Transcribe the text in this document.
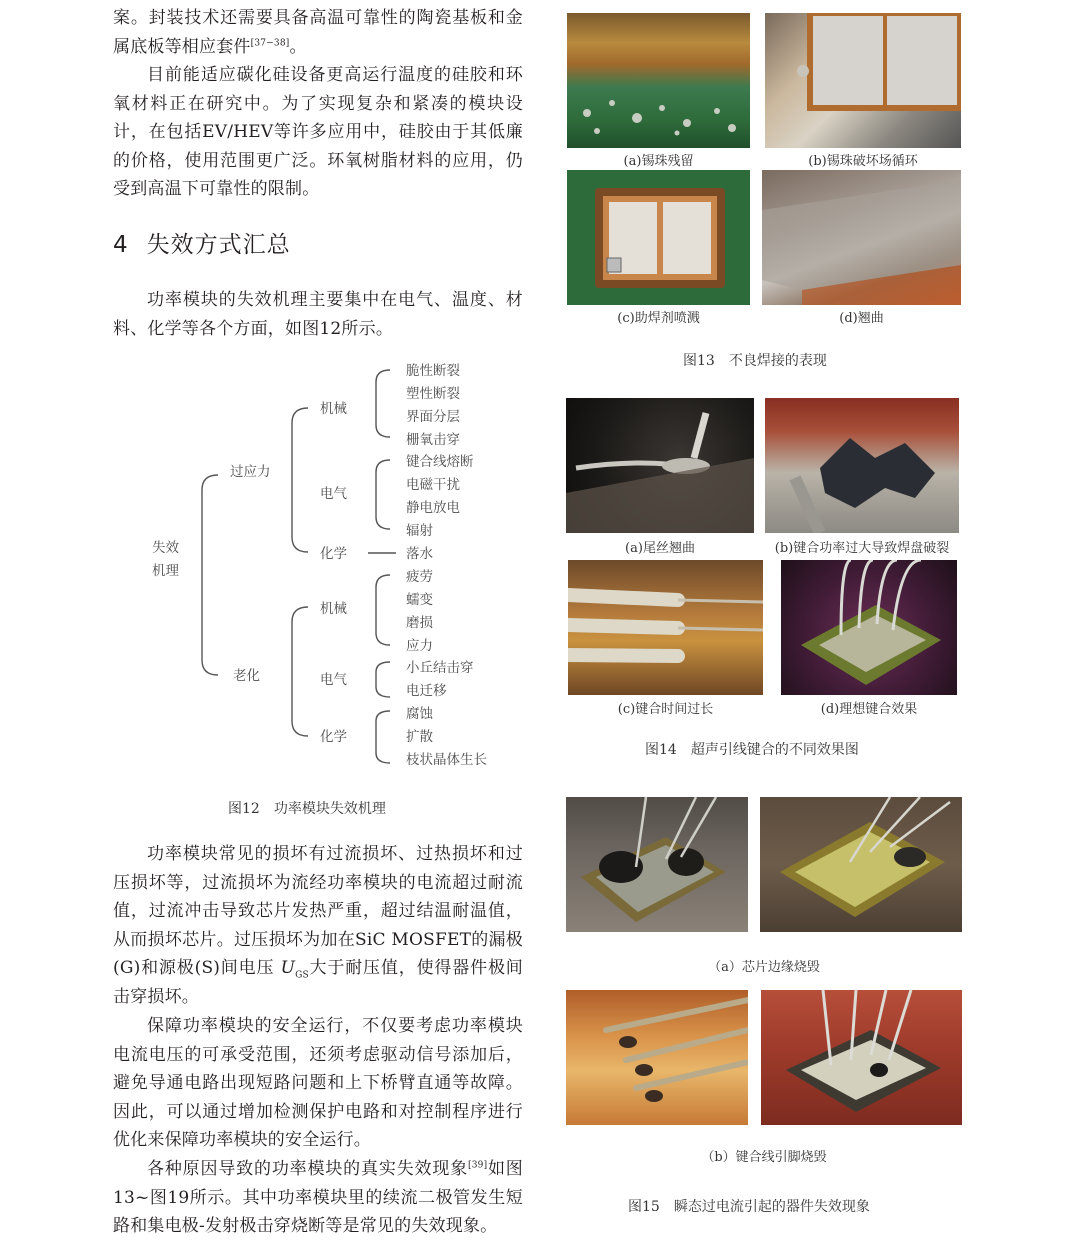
案。封装技术还需要具备高温可靠性的陶瓷基板和金属底板等相应套件[37−38]。

目前能适应碳化硅设备更高运行温度的硅胶和环氧材料正在研究中。为了实现复杂和紧凑的模块设计，在包括EV/HEV等许多应用中，硅胶由于其低廉的价格，使用范围更广泛。环氧树脂材料的应用，仍受到高温下可靠性的限制。

4 失效方式汇总

功率模块的失效机理主要集中在电气、温度、材料、化学等各个方面，如图12所示。

失效
机理
过应力
机械
电气
化学
脆性断裂
塑性断裂
界面分层
栅氧击穿
键合线熔断
电磁干扰
静电放电
辐射
落水
老化
机械
电气
化学
疲劳
蠕变
磨损
应力
小丘结击穿
电迁移
腐蚀
扩散
枝状晶体生长
图12 功率模块失效机理

功率模块常见的损坏有过流损坏、过热损坏和过压损坏等，过流损坏为流经功率模块的电流超过耐流值，过流冲击导致芯片发热严重，超过结温耐温值，从而损坏芯片。过压损坏为加在SiC MOSFET的漏极(G)和源极(S)间电压 $U_{GS}$大于耐压值，使得器件极间击穿损坏。

保障功率模块的安全运行，不仅要考虑功率模块电流电压的可承受范围，还须考虑驱动信号添加后，避免导通电路出现短路问题和上下桥臂直通等故障。因此，可以通过增加检测保护电路和对控制程序进行优化来保障功率模块的安全运行。

各种原因导致的功率模块的真实失效现象[39]如图13~图19所示。其中功率模块里的续流二极管发生短路和集电极-发射极击穿烧断等是常见的失效现象。

(a)锡珠残留	(b)锡珠破坏场循环
(c)助焊剂喷溅	(d)翘曲
图13 不良焊接的表现
(a)尾丝翘曲	(b)键合功率过大导致焊盘破裂
(c)键合时间过长	(d)理想键合效果
图14 超声引线键合的不同效果图
（a）芯片边缘烧毁
（b）键合线引脚烧毁
图15 瞬态过电流引起的器件失效现象
